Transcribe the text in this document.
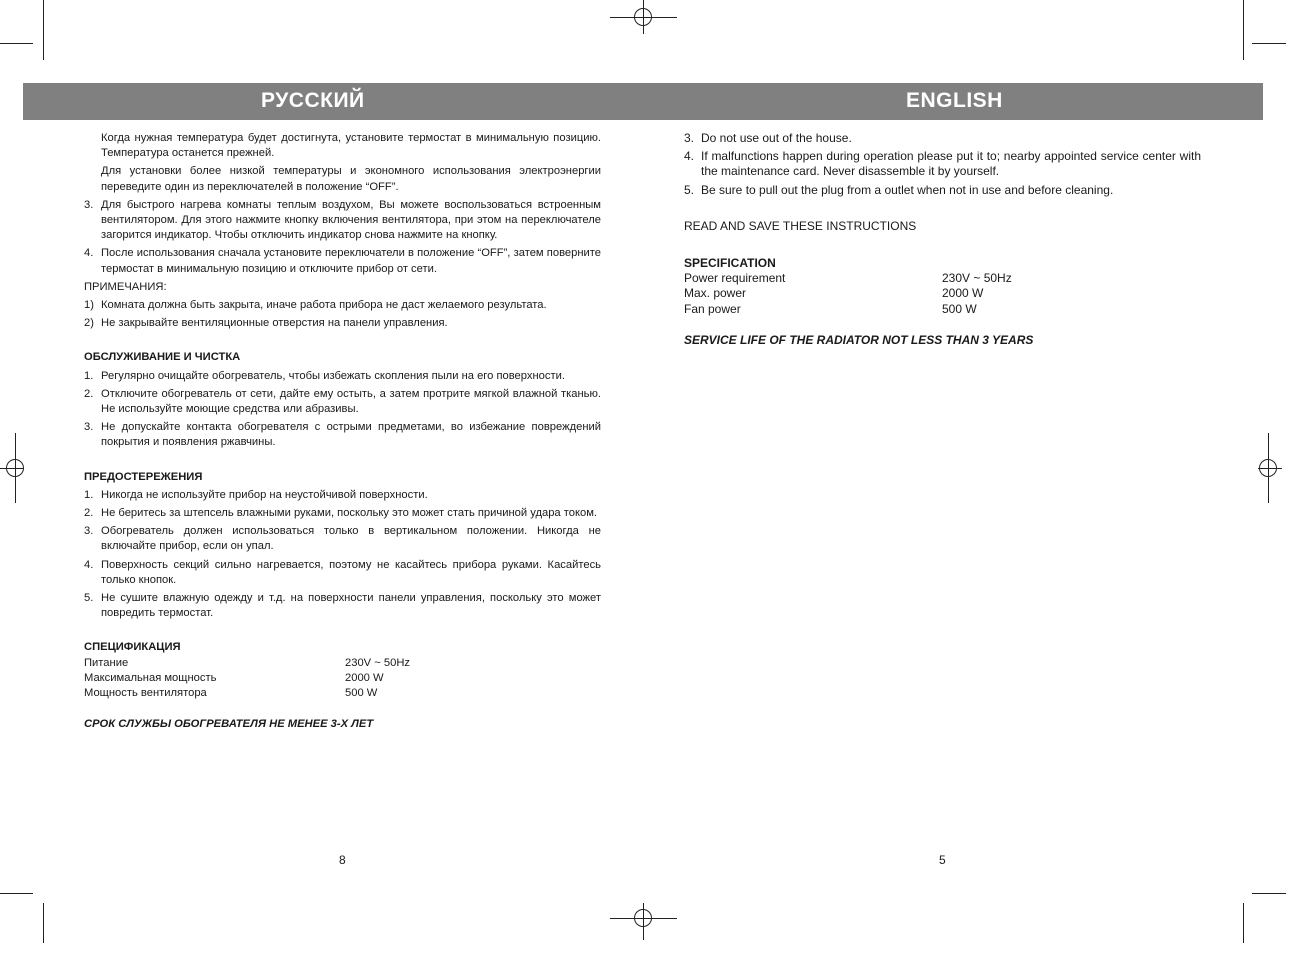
РУССКИЙ	ENGLISH

Когда нужная температура будет достигнута, установите термостат в минимальную позицию. Температура останется прежней.

Для установки более низкой температуры и экономного использования электроэнергии переведите один из переключателей в положение “OFF”.

3. Для быстрого нагрева комнаты теплым воздухом, Вы можете воспользоваться встроенным вентилятором. Для этого нажмите кнопку включения вентилятора, при этом на переключателе загорится индикатор. Чтобы отключить индикатор снова нажмите на кнопку.
4. После использования сначала установите переключатели в положение “OFF”, затем поверните термостат в минимальную позицию и отключите прибор от сети.

ПРИМЕЧАНИЯ:

1) Комната должна быть закрыта, иначе работа прибора не даст желаемого результата.
2) Не закрывайте вентиляционные отверстия на панели управления.

ОБСЛУЖИВАНИЕ И ЧИСТКА

1. Регулярно очищайте обогреватель, чтобы избежать скопления пыли на его поверхности.
2. Отключите обогреватель от сети, дайте ему остыть, а затем протрите мягкой влажной тканью. Не используйте моющие средства или абразивы.
3. Не допускайте контакта обогревателя с острыми предметами, во избежание повреждений покрытия и появления ржавчины.

ПРЕДОСТЕРЕЖЕНИЯ

1. Никогда не используйте прибор на неустойчивой поверхности.
2. Не беритесь за штепсель влажными руками, поскольку это может стать причиной удара током.
3. Обогреватель должен использоваться только в вертикальном положении. Никогда не включайте прибор, если он упал.
4. Поверхность секций сильно нагревается, поэтому не касайтесь прибора руками. Касайтесь только кнопок.
5. Не сушите влажную одежду и т.д. на поверхности панели управления, поскольку это может повредить термостат.

СПЕЦИФИКАЦИЯ

Питание	230V ~ 50Hz
Максимальная мощность	2000 W
Мощность вентилятора	500 W

СРОК СЛУЖБЫ ОБОГРЕВАТЕЛЯ НЕ МЕНЕЕ 3-Х ЛЕТ

3. Do not use out of the house.
4. If malfunctions happen during operation please put it to; nearby appointed service center with the maintenance card. Never disassemble it by yourself.
5. Be sure to pull out the plug from a outlet when not in use and before cleaning.

READ AND SAVE THESE INSTRUCTIONS

SPECIFICATION

Power requirement	230V ~ 50Hz
Max. power	2000 W
Fan power	500 W

SERVICE LIFE OF THE RADIATOR NOT LESS THAN 3 YEARS

8	5
